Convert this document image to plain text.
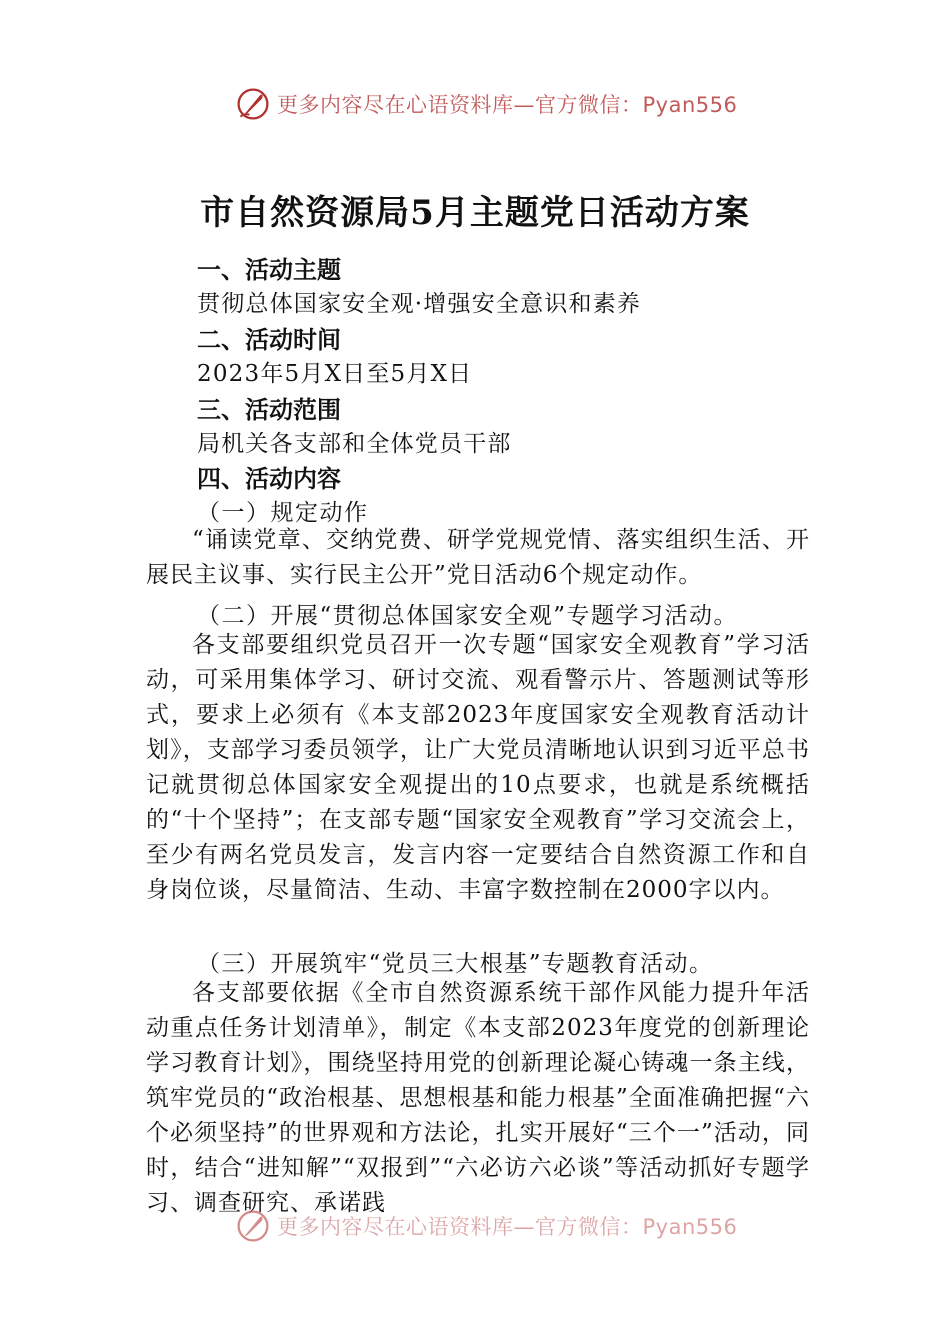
更多内容尽在心语资料库—官方微信：Pyan556
市自然资源局5月主题党日活动方案
一、活动主题
贯彻总体国家安全观·增强安全意识和素养
二、活动时间
2023年5月X日至5月X日
三、活动范围
局机关各支部和全体党员干部
四、活动内容
（一）规定动作
“诵读党章、交纳党费、研学党规党情、落实组织生活、开展民主议事、实行民主公开”党日活动6个规定动作。
（二）开展“贯彻总体国家安全观”专题学习活动。
各支部要组织党员召开一次专题“国家安全观教育”学习活动，可采用集体学习、研讨交流、观看警示片、答题测试等形式，要求上必须有《本支部2023年度国家安全观教育活动计划》，支部学习委员领学，让广大党员清晰地认识到习近平总书记就贯彻总体国家安全观提出的10点要求，也就是系统概括的“十个坚持”；在支部专题“国家安全观教育”学习交流会上，至少有两名党员发言，发言内容一定要结合自然资源工作和自身岗位谈，尽量简洁、生动、丰富字数控制在2000字以内。
（三）开展筑牢“党员三大根基”专题教育活动。
各支部要依据《全市自然资源系统干部作风能力提升年活动重点任务计划清单》，制定《本支部2023年度党的创新理论学习教育计划》，围绕坚持用党的创新理论凝心铸魂一条主线，筑牢党员的“政治根基、思想根基和能力根基”全面准确把握“六个必须坚持”的世界观和方法论，扎实开展好“三个一”活动，同时，结合“进知解”“双报到”“六必访六必谈”等活动抓好专题学习、调查研究、承诺践
更多内容尽在心语资料库—官方微信：Pyan556
